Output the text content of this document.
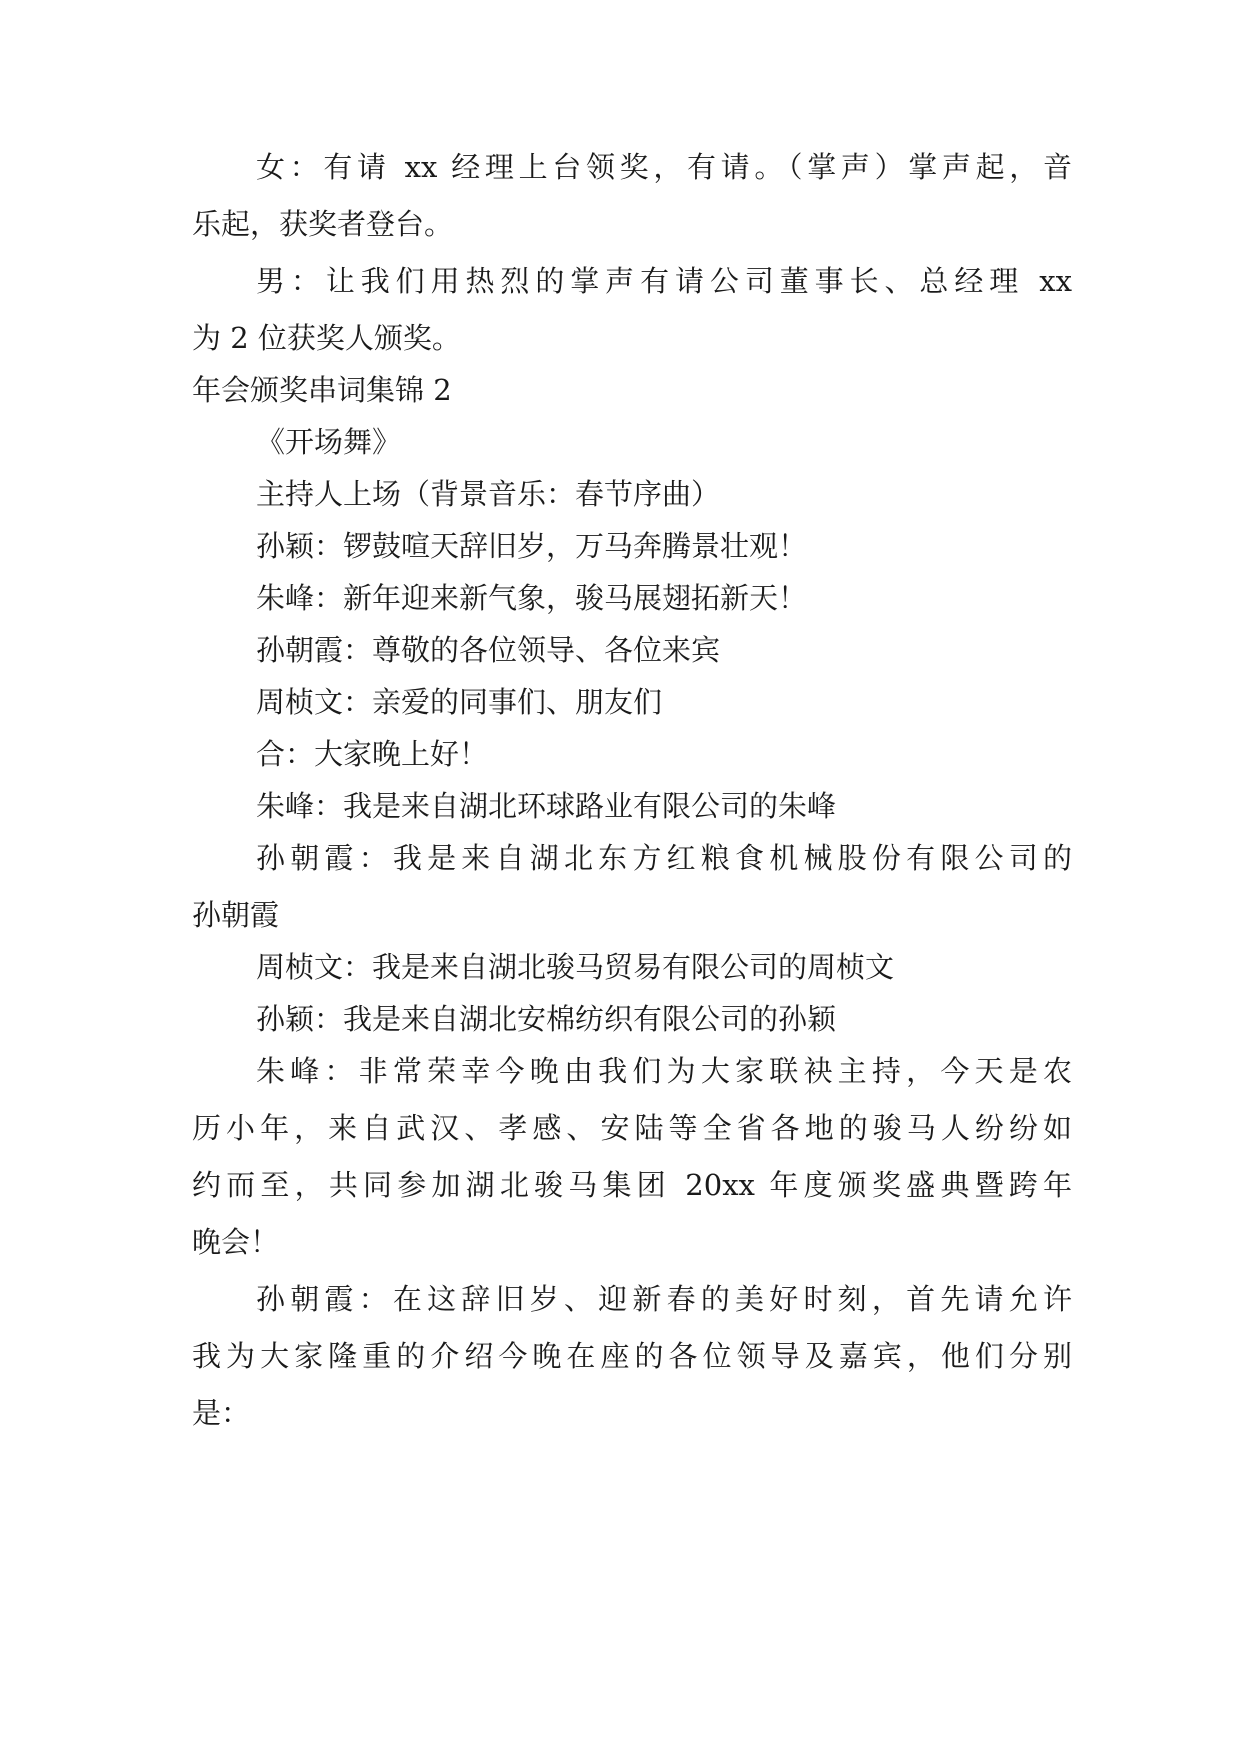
女：有请 xx 经理上台领奖，有请。（掌声）掌声起，音
乐起，获奖者登台。
男：让我们用热烈的掌声有请公司董事长、总经理 xx
为 2 位获奖人颁奖。
年会颁奖串词集锦 2
《开场舞》
主持人上场（背景音乐：春节序曲）
孙颖：锣鼓喧天辞旧岁，万马奔腾景壮观！
朱峰：新年迎来新气象，骏马展翅拓新天！
孙朝霞：尊敬的各位领导、各位来宾
周桢文：亲爱的同事们、朋友们
合：大家晚上好！
朱峰：我是来自湖北环球路业有限公司的朱峰
孙朝霞：我是来自湖北东方红粮食机械股份有限公司的
孙朝霞
周桢文：我是来自湖北骏马贸易有限公司的周桢文
孙颖：我是来自湖北安棉纺织有限公司的孙颖
朱峰：非常荣幸今晚由我们为大家联袂主持，今天是农
历小年，来自武汉、孝感、安陆等全省各地的骏马人纷纷如
约而至，共同参加湖北骏马集团 20xx 年度颁奖盛典暨跨年
晚会！
孙朝霞：在这辞旧岁、迎新春的美好时刻，首先请允许
我为大家隆重的介绍今晚在座的各位领导及嘉宾，他们分别
是：
